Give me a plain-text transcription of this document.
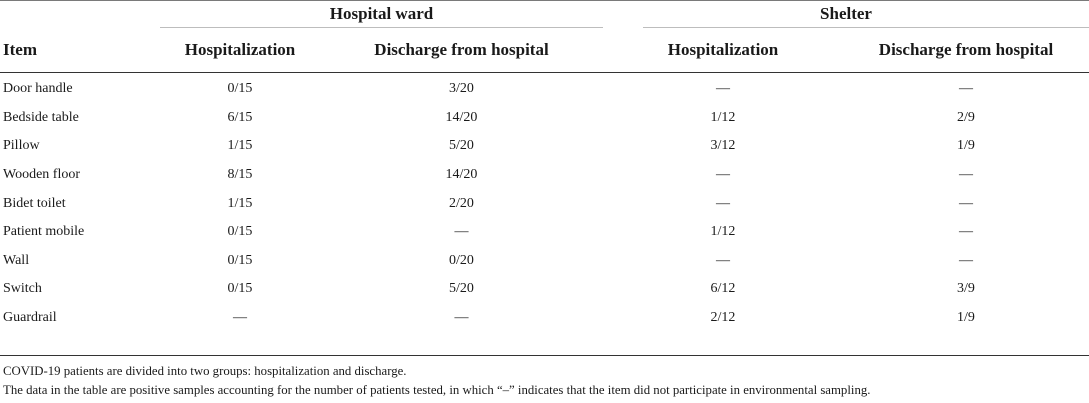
	Hospital ward		Shelter	

Item	Hospitalization	Discharge from hospital	Hospitalization	Discharge from hospital
Door handle	0/15	3/20	—	—
Bedside table	6/15	14/20	1/12	2/9
Pillow	1/15	5/20	3/12	1/9
Wooden floor	8/15	14/20	—	—
Bidet toilet	1/15	2/20	—	—
Patient mobile	0/15	—	1/12	—
Wall	0/15	0/20	—	—
Switch	0/15	5/20	6/12	3/9
Guardrail	—	—	2/12	1/9
COVID-19 patients are divided into two groups: hospitalization and discharge.
The data in the table are positive samples accounting for the number of patients tested, in which “–” indicates that the item did not participate in environmental sampling.
